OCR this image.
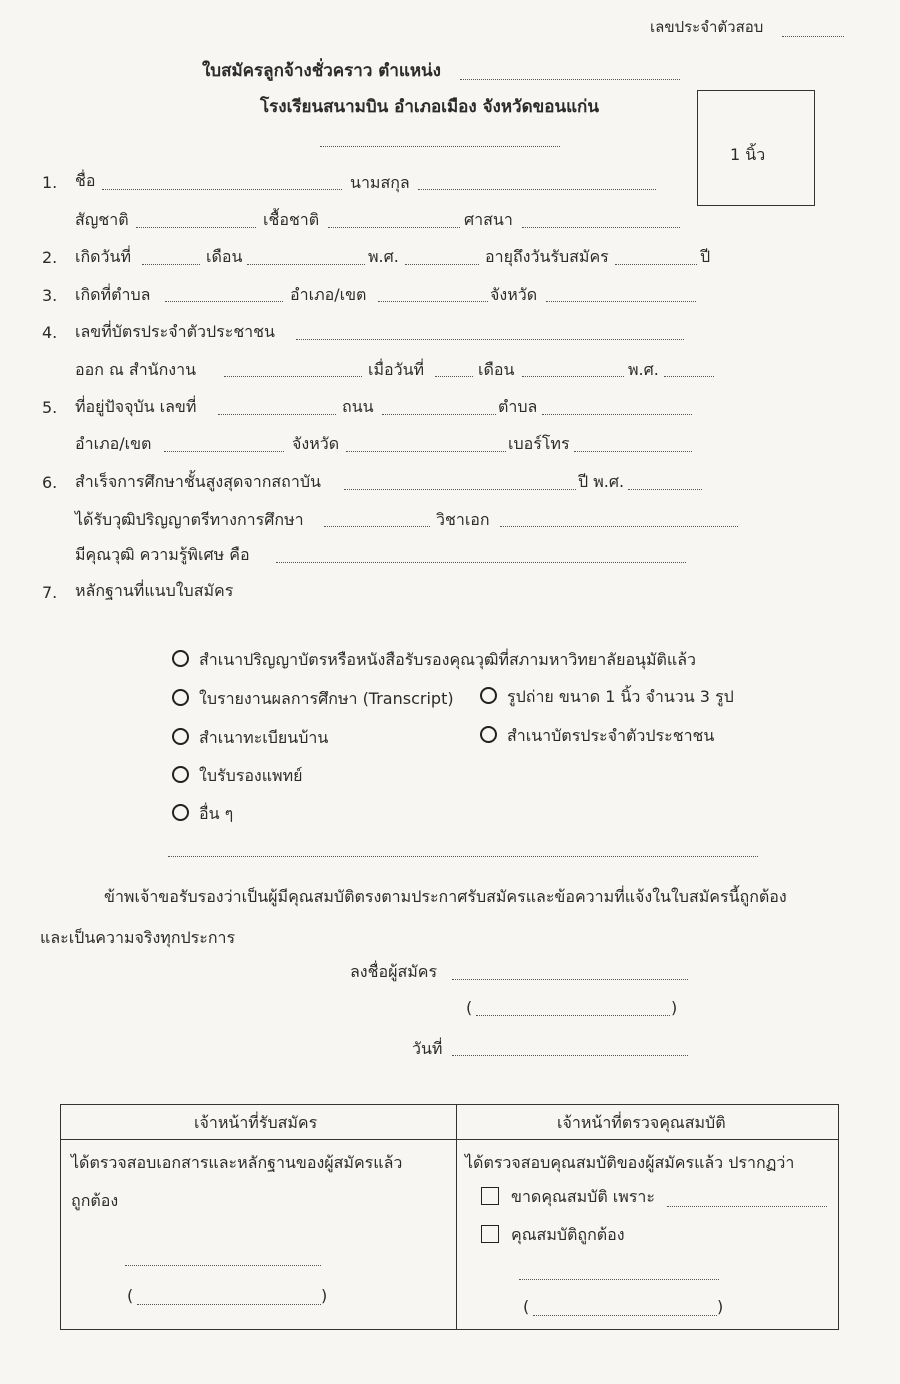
เลขประจำตัวสอบ
ใบสมัครลูกจ้างชั่วคราว ตำแหน่ง
โรงเรียนสนามบิน อำเภอเมือง จังหวัดขอนแก่น
1 นิ้ว
1. ชื่อ	นามสกุล
สัญชาติ	เชื้อชาติ	ศาสนา
2. เกิดวันที่	เดือน	พ.ศ.	อายุถึงวันรับสมัคร	ปี
3. เกิดที่ตำบล	อำเภอ/เขต	จังหวัด
4. เลขที่บัตรประจำตัวประชาชน
ออก ณ สำนักงาน	เมื่อวันที่	เดือน	พ.ศ.
5. ที่อยู่ปัจจุบัน เลขที่	ถนน	ตำบล
อำเภอ/เขต	จังหวัด	เบอร์โทร
6. สำเร็จการศึกษาชั้นสูงสุดจากสถาบัน	ปี พ.ศ.
ได้รับวุฒิปริญญาตรีทางการศึกษา	วิชาเอก
มีคุณวุฒิ ความรู้พิเศษ คือ
7. หลักฐานที่แนบใบสมัคร
สำเนาปริญญาบัตรหรือหนังสือรับรองคุณวุฒิที่สภามหาวิทยาลัยอนุมัติแล้ว
ใบรายงานผลการศึกษา (Transcript)	รูปถ่าย ขนาด 1 นิ้ว จำนวน 3 รูป
สำเนาทะเบียนบ้าน	สำเนาบัตรประจำตัวประชาชน
ใบรับรองแพทย์
อื่น ๆ
ข้าพเจ้าขอรับรองว่าเป็นผู้มีคุณสมบัติตรงตามประกาศรับสมัครและข้อความที่แจ้งในใบสมัครนี้ถูกต้อง
และเป็นความจริงทุกประการ
ลงชื่อผู้สมัคร
(	)
วันที่
เจ้าหน้าที่รับสมัคร	เจ้าหน้าที่ตรวจคุณสมบัติ
ได้ตรวจสอบเอกสารและหลักฐานของผู้สมัครแล้ว
ถูกต้อง
(	)
ได้ตรวจสอบคุณสมบัติของผู้สมัครแล้ว ปรากฏว่า
ขาดคุณสมบัติ เพราะ
คุณสมบัติถูกต้อง
(	)
